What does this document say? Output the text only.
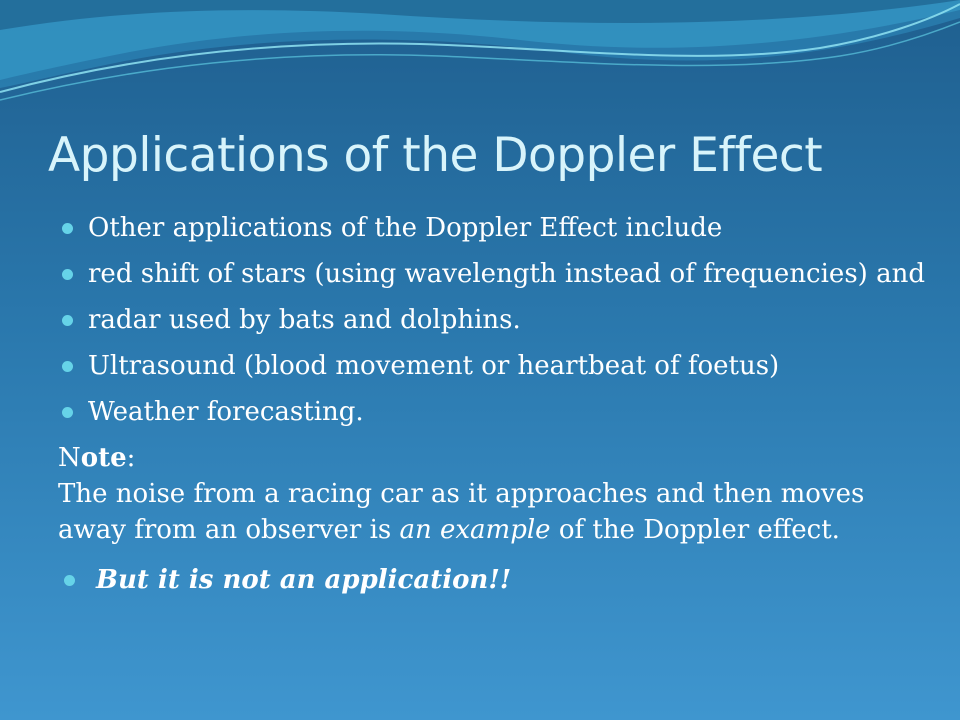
Applications of the Doppler Effect
Other applications of the Doppler Effect include
red shift of stars (using wavelength instead of frequencies) and
radar used by bats and dolphins.
Ultrasound (blood movement or heartbeat of foetus)
Weather forecasting.
Note:
The noise from a racing car as it approaches and then moves away from an observer is an example of the Doppler effect.
But it is not an application!!
